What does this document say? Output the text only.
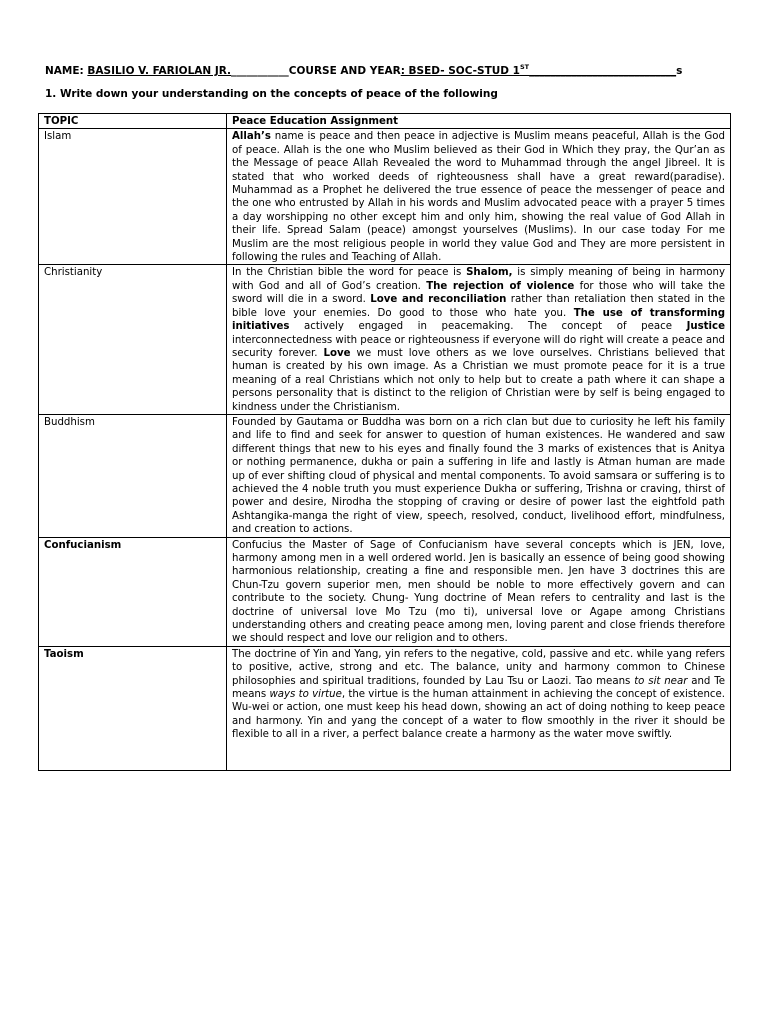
NAME: BASILIO V. FARIOLAN JR.___________COURSE AND YEAR: BSED- SOC-STUD 1ST____________________________s
1. Write down your understanding on the concepts of peace of the following
TOPIC	Peace Education Assignment
Islam	Allah’s name is peace and then peace in adjective is Muslim means peaceful, Allah is the God of peace. Allah is the one who Muslim believed as their God in Which they pray, the Qur’an as the Message of peace Allah Revealed the word to Muhammad through the angel Jibreel. It is stated that who worked deeds of righteousness shall have a great reward(paradise). Muhammad as a Prophet he delivered the true essence of peace the messenger of peace and the one who entrusted by Allah in his words and Muslim advocated peace with a prayer 5 times a day worshipping no other except him and only him, showing the real value of God Allah in their life. Spread Salam (peace) amongst yourselves (Muslims). In our case today For me Muslim are the most religious people in world they value God and They are more persistent in following the rules and Teaching of Allah.
Christianity	In the Christian bible the word for peace is Shalom, is simply meaning of being in harmony with God and all of God’s creation. The rejection of violence for those who will take the sword will die in a sword. Love and reconciliation rather than retaliation then stated in the bible love your enemies. Do good to those who hate you. The use of transforming initiatives actively engaged in peacemaking. The concept of peace Justice interconnectedness with peace or righteousness if everyone will do right will create a peace and security forever. Love we must love others as we love ourselves. Christians believed that human is created by his own image. As a Christian we must promote peace for it is a true meaning of a real Christians which not only to help but to create a path where it can shape a persons personality that is distinct to the religion of Christian were by self is being engaged to kindness under the Christianism.
Buddhism	Founded by Gautama or Buddha was born on a rich clan but due to curiosity he left his family and life to find and seek for answer to question of human existences. He wandered and saw different things that new to his eyes and finally found the 3 marks of existences that is Anitya or nothing permanence, dukha or pain a suffering in life and lastly is Atman human are made up of ever shifting cloud of physical and mental components. To avoid samsara or suffering is to achieved the 4 noble truth you must experience Dukha or suffering, Trishna or craving, thirst of power and desire, Nirodha the stopping of craving or desire of power last the eightfold path Ashtangika-manga the right of view, speech, resolved, conduct, livelihood effort, mindfulness, and creation to actions.
Confucianism	Confucius the Master of Sage of Confucianism have several concepts which is JEN, love, harmony among men in a well ordered world. Jen is basically an essence of being good showing harmonious relationship, creating a fine and responsible men. Jen have 3 doctrines this are Chun-Tzu govern superior men, men should be noble to more effectively govern and can contribute to the society. Chung- Yung doctrine of Mean refers to centrality and last is the doctrine of universal love Mo Tzu (mo ti), universal love or Agape among Christians understanding others and creating peace among men, loving parent and close friends therefore we should respect and love our religion and to others.
Taoism	The doctrine of Yin and Yang, yin refers to the negative, cold, passive and etc. while yang refers to positive, active, strong and etc. The balance, unity and harmony common to Chinese philosophies and spiritual traditions, founded by Lau Tsu or Laozi. Tao means to sit near and Te means ways to virtue, the virtue is the human attainment in achieving the concept of existence. Wu-wei or action, one must keep his head down, showing an act of doing nothing to keep peace and harmony. Yin and yang the concept of a water to flow smoothly in the river it should be flexible to all in a river, a perfect balance create a harmony as the water move swiftly.
